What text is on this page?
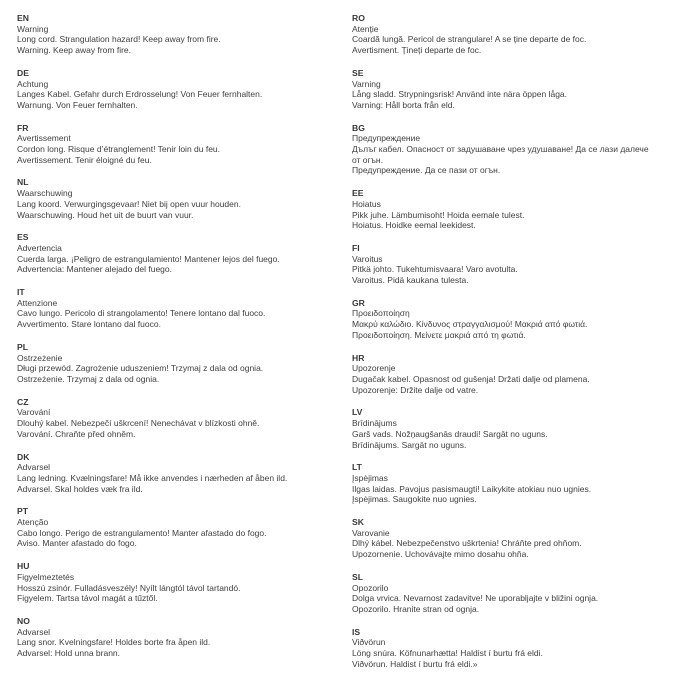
EN
Warning
Long cord. Strangulation hazard! Keep away from fire.
Warning. Keep away from fire.
DE
Achtung
Langes Kabel. Gefahr durch Erdrosselung! Von Feuer fernhalten.
Warnung. Von Feuer fernhalten.
FR
Avertissement
Cordon long. Risque d’étranglement! Tenir loin du feu.
Avertissement. Tenir éloigné du feu.
NL
Waarschuwing
Lang koord. Verwurgingsgevaar! Niet bij open vuur houden.
Waarschuwing. Houd het uit de buurt van vuur.
ES
Advertencia
Cuerda larga. ¡Peligro de estrangulamiento! Mantener lejos del fuego.
Advertencia: Mantener alejado del fuego.
IT
Attenzione
Cavo lungo. Pericolo di strangolamento! Tenere lontano dal fuoco.
Avvertimento. Stare lontano dal fuoco.
PL
Ostrzeżenie
Długi przewód. Zagrożenie uduszeniem! Trzymaj z dala od ognia.
Ostrzeżenie. Trzymaj z dala od ognia.
CZ
Varování
Dlouhý kabel. Nebezpečí uškrcení! Nenechávat v blízkosti ohně.
Varování. Chraňte před ohněm.
DK
Advarsel
Lang ledning. Kvælningsfare! Må ikke anvendes i nærheden af åben ild.
Advarsel. Skal holdes væk fra ild.
PT
Atenção
Cabo longo. Perigo de estrangulamento! Manter afastado do fogo.
Aviso. Manter afastado do fogo.
HU
Figyelmeztetés
Hosszú zsinór. Fulladásveszély! Nyílt lángtól távol tartandó.
Figyelem. Tartsa távol magát a tűztől.
NO
Advarsel
Lang snor. Kvelningsfare! Holdes borte fra åpen ild.
Advarsel: Hold unna brann.
RO
Atenție
Coardă lungă. Pericol de strangulare! A se ține departe de foc.
Avertisment. Țineți departe de foc.
SE
Varning
Lång sladd. Strypningsrisk! Använd inte nära öppen låga.
Varning: Håll borta från eld.
BG
Предупреждение
Дълъг кабел. Опасност от задушаване чрез удушаване! Да се лази далече
от огън.
Предупреждение. Да се пази от огън.
EE
Hoiatus
Pikk juhe. Lämbumisoht! Hoida eemale tulest.
Hoiatus. Hoidke eemal leekidest.
FI
Varoitus
Pitkä johto. Tukehtumisvaara! Varo avotulta.
Varoitus. Pidä kaukana tulesta.
GR
Προειδοποίηση
Μακρύ καλώδιο. Κίνδυνος στραγγαλισμού! Μακριά από φωτιά.
Προειδοποίηση. Μείνετε μακριά από τη φωτιά.
HR
Upozorenje
Dugačak kabel. Opasnost od gušenja! Držati dalje od plamena.
Upozorenje: Držite dalje od vatre.
LV
Brīdinājums
Garš vads. Nožņaugšanās draudi! Sargāt no uguns.
Brīdinājums. Sargāt no uguns.
LT
Įspėjimas
Ilgas laidas. Pavojus pasismaugti! Laikykite atokiau nuo ugnies.
Įspėjimas. Saugokite nuo ugnies.
SK
Varovanie
Dlhý kábel. Nebezpečenstvo uškrtenia! Chráňte pred ohňom.
Upozornenie. Uchovávajte mimo dosahu ohňa.
SL
Opozorilo
Dolga vrvica. Nevarnost zadavitve! Ne uporabljajte v bližini ognja.
Opozorilo. Hranite stran od ognja.
IS
Viðvörun
Löng snúra. Köfnunarhætta! Haldist í burtu frá eldi.
Viðvörun. Haldist í burtu frá eldi.»
